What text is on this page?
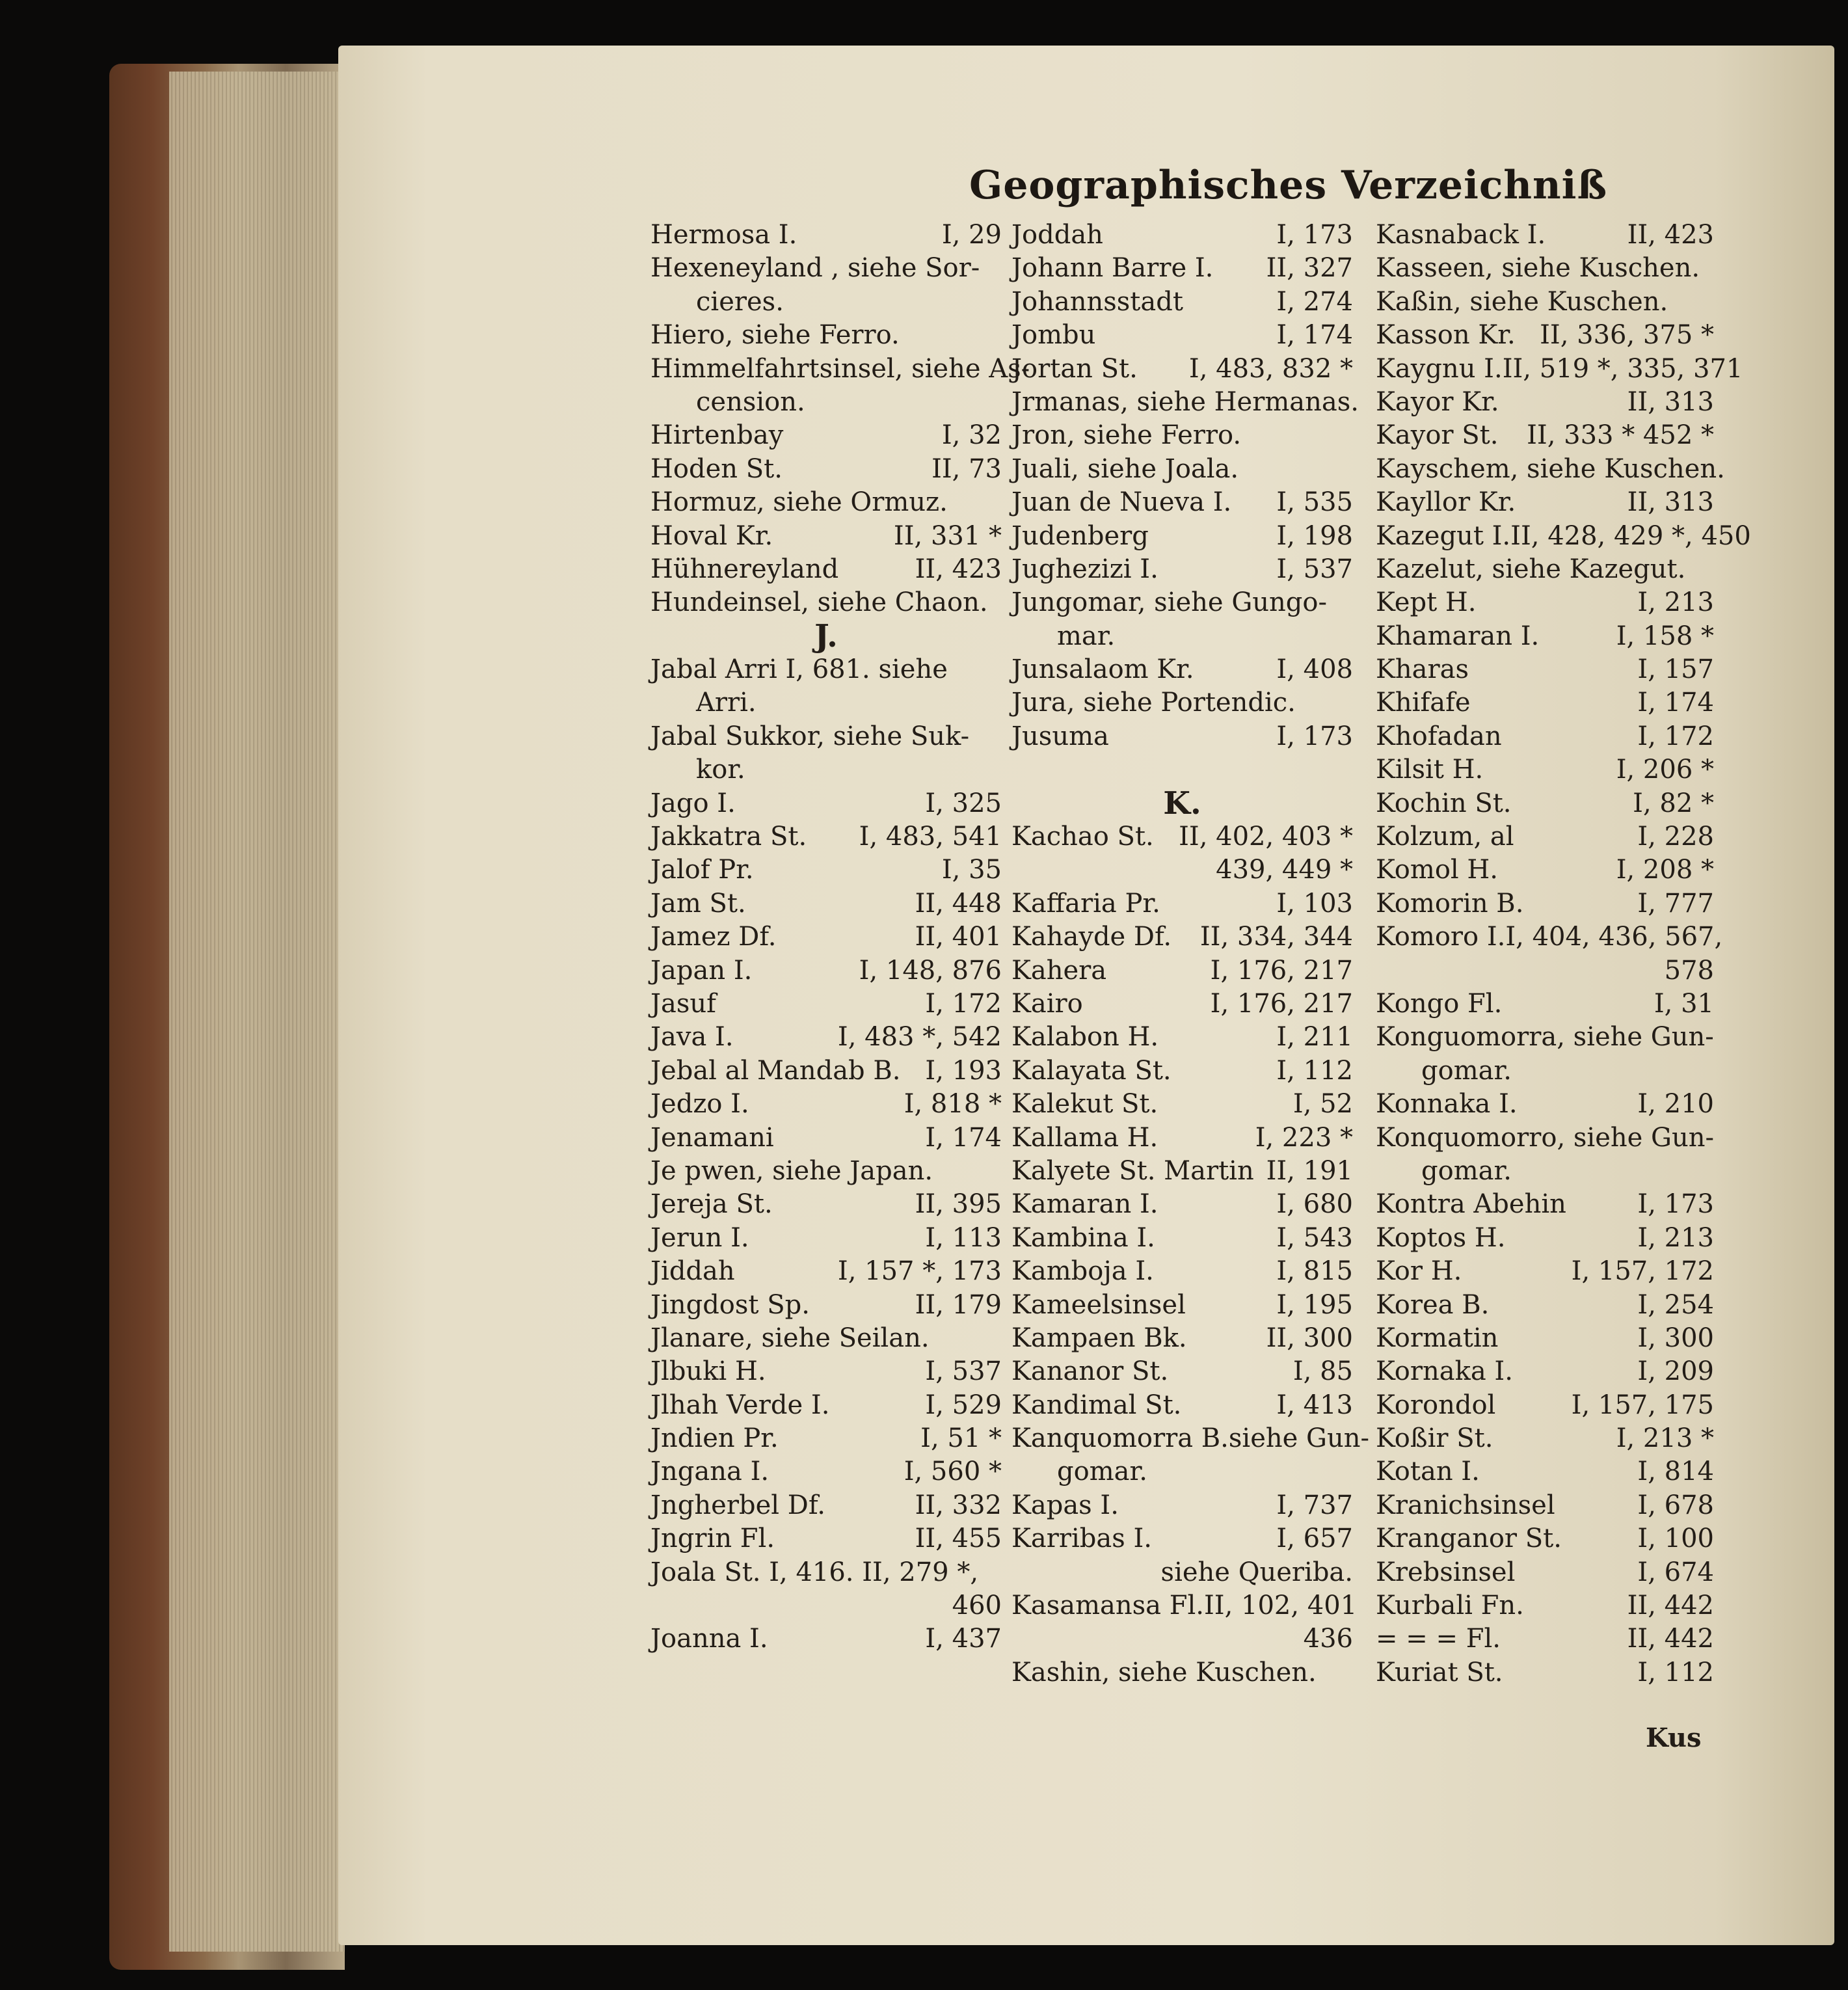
Geographisches Verzeichniß
Hermosa I.	I, 29
Hexeneyland , siehe Sor-
cieres.
Hiero, siehe Ferro.
Himmelfahrtsinsel, siehe As-
cension.
Hirtenbay	I, 32
Hoden St.	II, 73
Hormuz, siehe Ormuz.
Hoval Kr.	II, 331 *
Hühnereyland	II, 423
Hundeinsel, siehe Chaon.
J.
Jabal Arri I, 681. siehe
Arri.
Jabal Sukkor, siehe Suk-
kor.
Jago I.	I, 325
Jakkatra St. I, 483, 541
Jalof Pr.	I, 35
Jam St.	II, 448
Jamez Df.	II, 401
Japan I.	I, 148, 876
Jasuf	I, 172
Java I.	I, 483 *, 542
Jebal al Mandab B. I, 193
Jedzo I.	I, 818 *
Jenamani	I, 174
Je pwen, siehe Japan.
Jereja St.	II, 395
Jerun I.	I, 113
Jiddah	I, 157 *, 173
Jingdost Sp.	II, 179
Jlanare, siehe Seilan.
Jlbuki H.	I, 537
Jlhah Verde I.	I, 529
Jndien Pr.	I, 51 *
Jngana I.	I, 560 *
Jngherbel Df.	II, 332
Jngrin Fl.	II, 455
Joala St. I, 416. II, 279 *,
460
Joanna I.	I, 437
Joddah	I, 173
Johann Barre I. II, 327
Johannsstadt	I, 274
Jombu	I, 174
Jortan St. I, 483, 832 *
Jrmanas, siehe Hermanas.
Jron, siehe Ferro.
Juali, siehe Joala.
Juan de Nueva I. I, 535
Judenberg	I, 198
Jughezizi I.	I, 537
Jungomar, siehe Gungo-
mar.
Junsalaom Kr.	I, 408
Jura, siehe Portendic.
Jusuma	I, 173
K.
Kachao St. II, 402, 403 *
439, 449 *
Kaffaria Pr.	I, 103
Kahayde Df. II, 334, 344
Kahera	I, 176, 217
Kairo	I, 176, 217
Kalabon H.	I, 211
Kalayata St.	I, 112
Kalekut St.	I, 52
Kallama H.	I, 223 *
Kalyete St. Martin II, 191
Kamaran I.	I, 680
Kambina I.	I, 543
Kamboja I.	I, 815
Kameelsinsel	I, 195
Kampaen Bk.	II, 300
Kananor St.	I, 85
Kandimal St.	I, 413
Kanquomorra B.siehe Gun-
gomar.
Kapas I.	I, 737
Karribas I.	I, 657
siehe Queriba.
Kasamansa Fl. II, 102, 401
436
Kashin, siehe Kuschen.
Kasnaback I.	II, 423
Kasseen, siehe Kuschen.
Kaßin, siehe Kuschen.
Kasson Kr. II, 336, 375 *
Kaygnu I. II, 519 *, 335, 371
Kayor Kr.	II, 313
Kayor St. II, 333 * 452 *
Kayschem, siehe Kuschen.
Kayllor Kr.	II, 313
Kazegut I. II, 428, 429 *, 450
Kazelut, siehe Kazegut.
Kept H.	I, 213
Khamaran I.	I, 158 *
Kharas	I, 157
Khifafe	I, 174
Khofadan	I, 172
Kilsit H.	I, 206 *
Kochin St.	I, 82 *
Kolzum, al	I, 228
Komol H.	I, 208 *
Komorin B.	I, 777
Komoro I. I, 404, 436, 567,
578
Kongo Fl.	I, 31
Konguomorra, siehe Gun-
gomar.
Konnaka I.	I, 210
Konquomorro, siehe Gun-
gomar.
Kontra Abehin	I, 173
Koptos H.	I, 213
Kor H.	I, 157, 172
Korea B.	I, 254
Kormatin	I, 300
Kornaka I.	I, 209
Korondol	I, 157, 175
Koßir St.	I, 213 *
Kotan I.	I, 814
Kranichsinsel	I, 678
Kranganor St.	I, 100
Krebsinsel	I, 674
Kurbali Fn.	II, 442
= = = Fl.	II, 442
Kuriat St.	I, 112
Kus
